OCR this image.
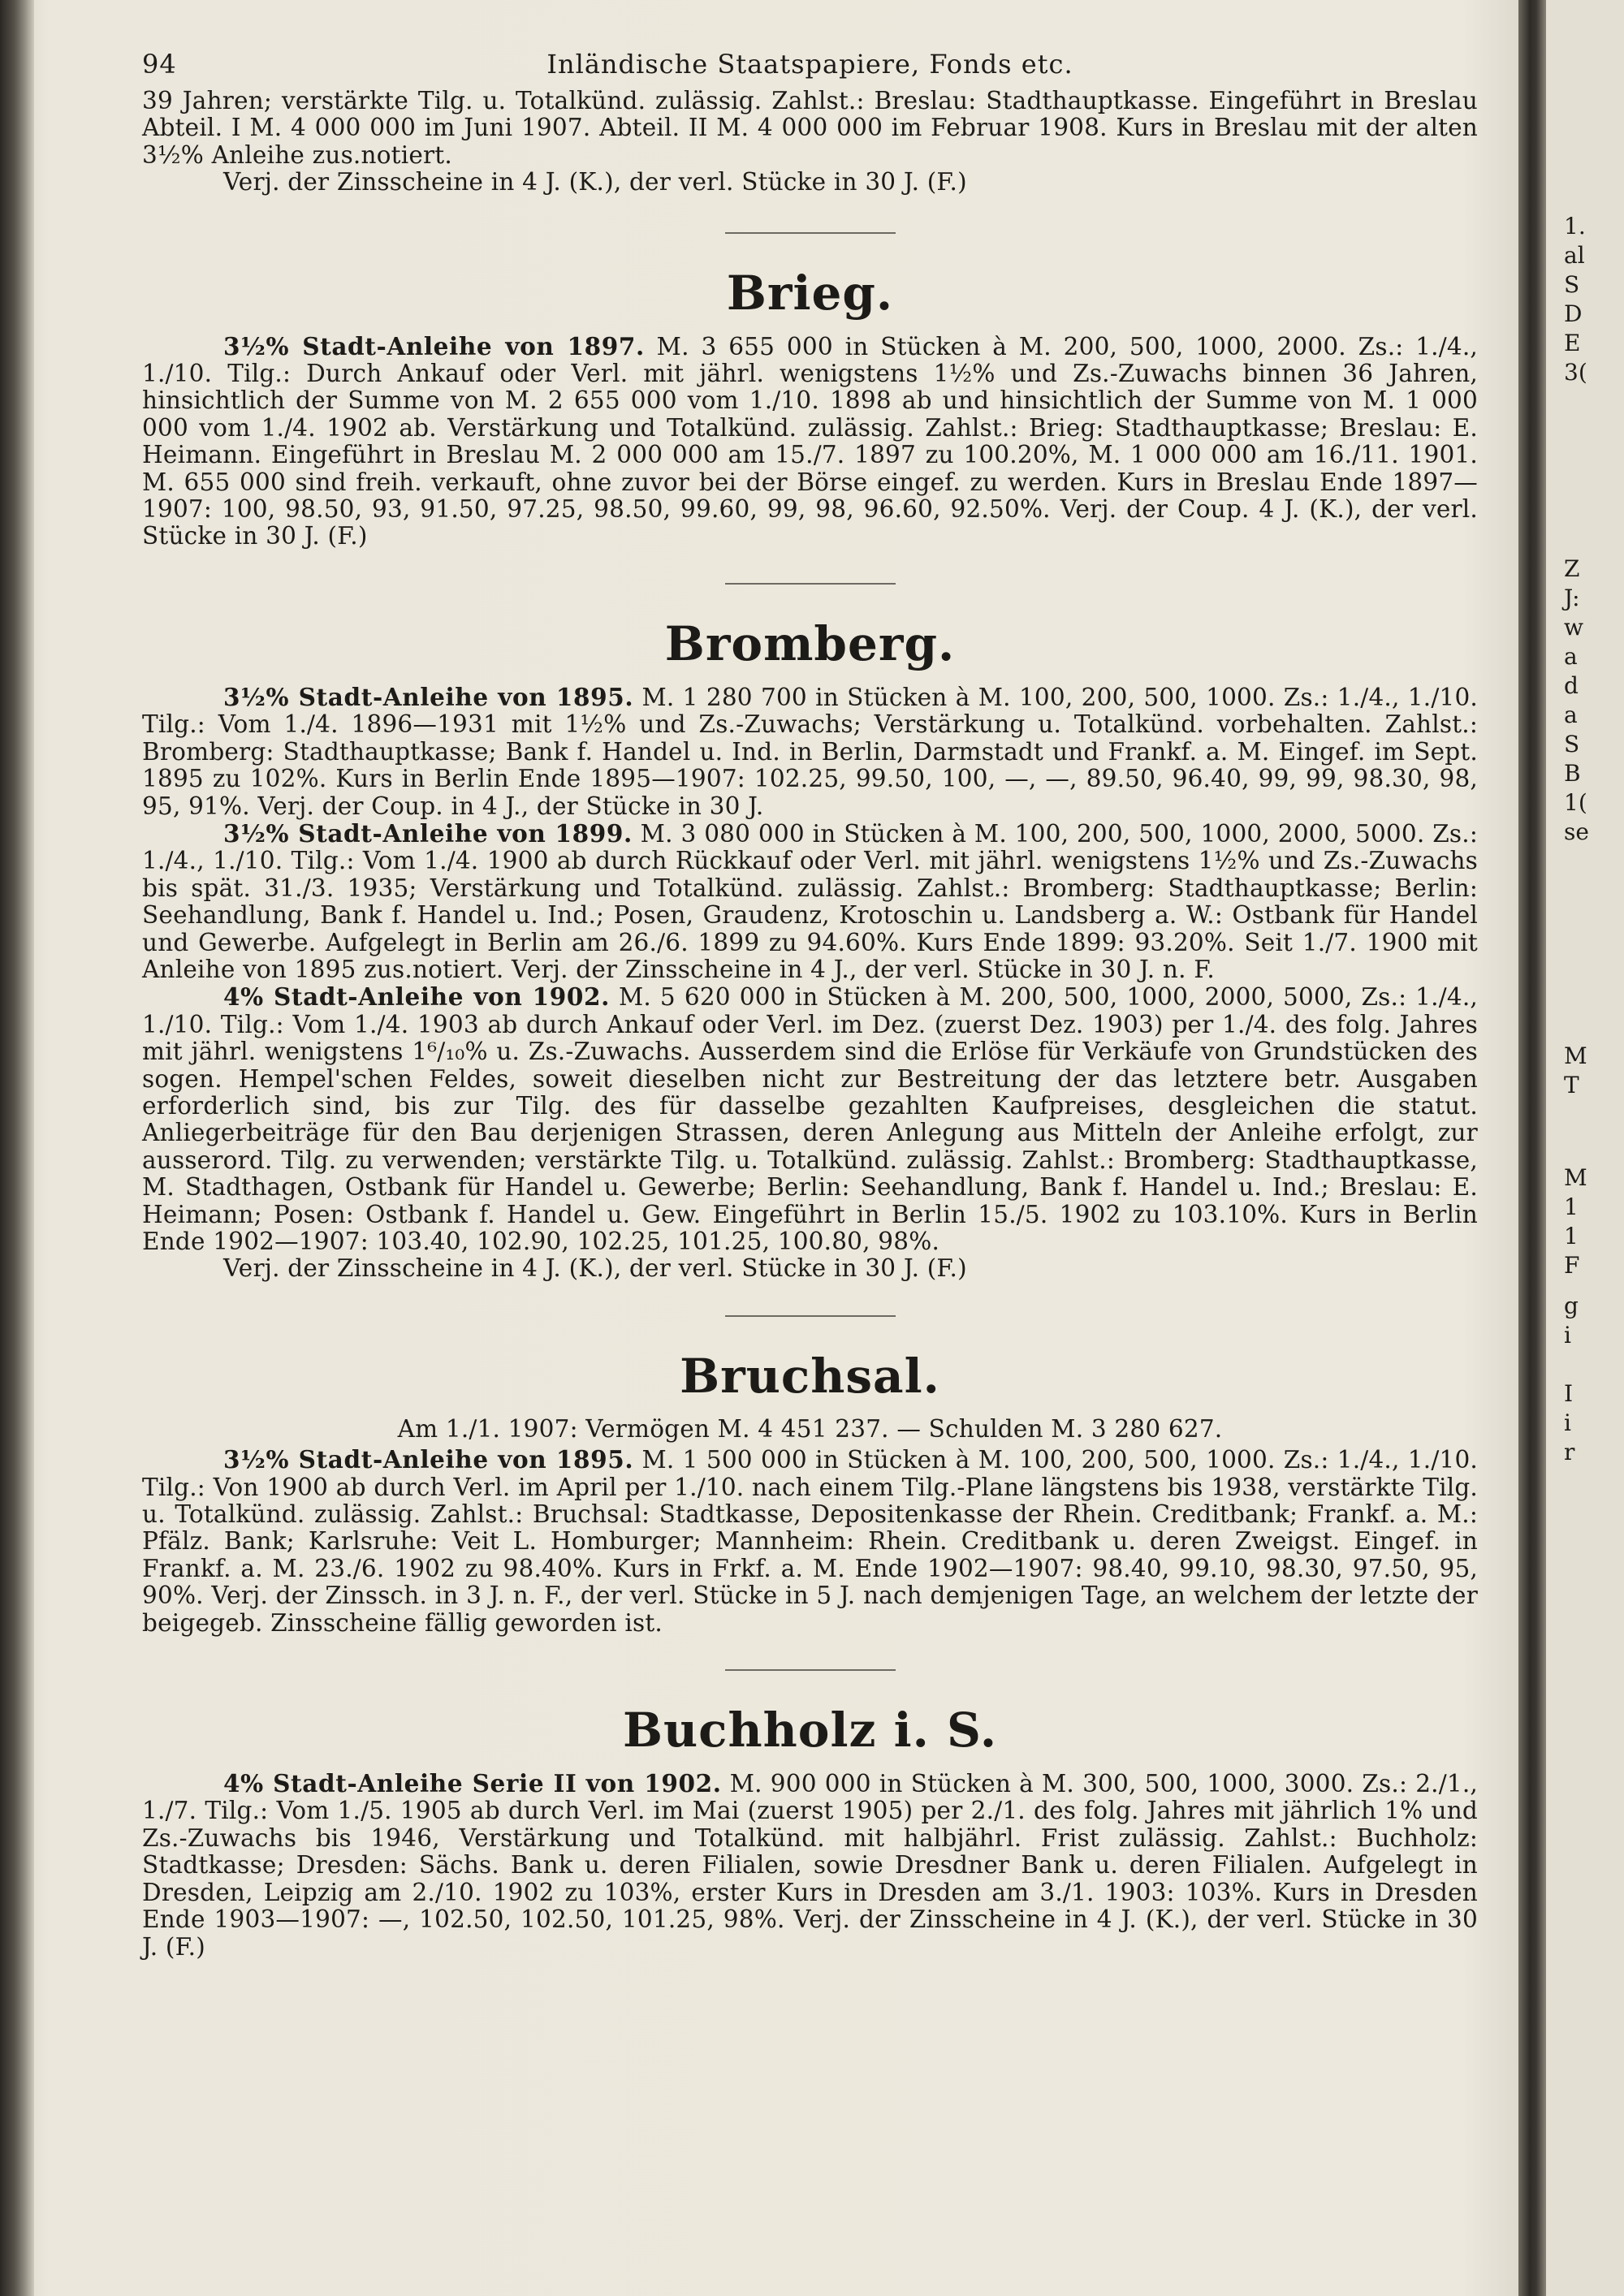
1.
al
S
D
E
3(
Z
J:
w
a
d
a
S
B
1(
se
M
T
M
1
1
F
g
i
I
i
r
94	Inländische Staatspapiere, Fonds etc.

39 Jahren; verstärkte Tilg. u. Totalkünd. zulässig. Zahlst.: Breslau: Stadthauptkasse. Eingeführt in Breslau Abteil. I M. 4 000 000 im Juni 1907. Abteil. II M. 4 000 000 im Februar 1908. Kurs in Breslau mit der alten 3½% Anleihe zus.notiert.

Verj. der Zinsscheine in 4 J. (K.), der verl. Stücke in 30 J. (F.)

Brieg.

3½% Stadt-Anleihe von 1897. M. 3 655 000 in Stücken à M. 200, 500, 1000, 2000. Zs.: 1./4., 1./10. Tilg.: Durch Ankauf oder Verl. mit jährl. wenigstens 1½% und Zs.-Zuwachs binnen 36 Jahren, hinsichtlich der Summe von M. 2 655 000 vom 1./10. 1898 ab und hinsichtlich der Summe von M. 1 000 000 vom 1./4. 1902 ab. Verstärkung und Totalkünd. zulässig. Zahlst.: Brieg: Stadthauptkasse; Breslau: E. Heimann. Eingeführt in Breslau M. 2 000 000 am 15./7. 1897 zu 100.20%, M. 1 000 000 am 16./11. 1901. M. 655 000 sind freih. verkauft, ohne zuvor bei der Börse eingef. zu werden. Kurs in Breslau Ende 1897—1907: 100, 98.50, 93, 91.50, 97.25, 98.50, 99.60, 99, 98, 96.60, 92.50%. Verj. der Coup. 4 J. (K.), der verl. Stücke in 30 J. (F.)

Bromberg.

3½% Stadt-Anleihe von 1895. M. 1 280 700 in Stücken à M. 100, 200, 500, 1000. Zs.: 1./4., 1./10. Tilg.: Vom 1./4. 1896—1931 mit 1½% und Zs.-Zuwachs; Verstärkung u. Totalkünd. vorbehalten. Zahlst.: Bromberg: Stadthauptkasse; Bank f. Handel u. Ind. in Berlin, Darmstadt und Frankf. a. M. Eingef. im Sept. 1895 zu 102%. Kurs in Berlin Ende 1895—1907: 102.25, 99.50, 100, —, —, 89.50, 96.40, 99, 99, 98.30, 98, 95, 91%. Verj. der Coup. in 4 J., der Stücke in 30 J.

3½% Stadt-Anleihe von 1899. M. 3 080 000 in Stücken à M. 100, 200, 500, 1000, 2000, 5000. Zs.: 1./4., 1./10. Tilg.: Vom 1./4. 1900 ab durch Rückkauf oder Verl. mit jährl. wenigstens 1½% und Zs.-Zuwachs bis spät. 31./3. 1935; Verstärkung und Totalkünd. zulässig. Zahlst.: Bromberg: Stadthauptkasse; Berlin: Seehandlung, Bank f. Handel u. Ind.; Posen, Graudenz, Krotoschin u. Landsberg a. W.: Ostbank für Handel und Gewerbe. Aufgelegt in Berlin am 26./6. 1899 zu 94.60%. Kurs Ende 1899: 93.20%. Seit 1./7. 1900 mit Anleihe von 1895 zus.notiert. Verj. der Zinsscheine in 4 J., der verl. Stücke in 30 J. n. F.

4% Stadt-Anleihe von 1902. M. 5 620 000 in Stücken à M. 200, 500, 1000, 2000, 5000, Zs.: 1./4., 1./10. Tilg.: Vom 1./4. 1903 ab durch Ankauf oder Verl. im Dez. (zuerst Dez. 1903) per 1./4. des folg. Jahres mit jährl. wenigstens 1⁶/₁₀% u. Zs.-Zuwachs. Ausserdem sind die Erlöse für Verkäufe von Grundstücken des sogen. Hempel'schen Feldes, soweit dieselben nicht zur Bestreitung der das letztere betr. Ausgaben erforderlich sind, bis zur Tilg. des für dasselbe gezahlten Kaufpreises, desgleichen die statut. Anliegerbeiträge für den Bau derjenigen Strassen, deren Anlegung aus Mitteln der Anleihe erfolgt, zur ausserord. Tilg. zu verwenden; verstärkte Tilg. u. Totalkünd. zulässig. Zahlst.: Bromberg: Stadthauptkasse, M. Stadthagen, Ostbank für Handel u. Gewerbe; Berlin: Seehandlung, Bank f. Handel u. Ind.; Breslau: E. Heimann; Posen: Ostbank f. Handel u. Gew. Eingeführt in Berlin 15./5. 1902 zu 103.10%. Kurs in Berlin Ende 1902—1907: 103.40, 102.90, 102.25, 101.25, 100.80, 98%.

Verj. der Zinsscheine in 4 J. (K.), der verl. Stücke in 30 J. (F.)

Bruchsal.

Am 1./1. 1907: Vermögen M. 4 451 237. — Schulden M. 3 280 627.

3½% Stadt-Anleihe von 1895. M. 1 500 000 in Stücken à M. 100, 200, 500, 1000. Zs.: 1./4., 1./10. Tilg.: Von 1900 ab durch Verl. im April per 1./10. nach einem Tilg.-Plane längstens bis 1938, verstärkte Tilg. u. Totalkünd. zulässig. Zahlst.: Bruchsal: Stadtkasse, Depositenkasse der Rhein. Creditbank; Frankf. a. M.: Pfälz. Bank; Karlsruhe: Veit L. Homburger; Mannheim: Rhein. Creditbank u. deren Zweigst. Eingef. in Frankf. a. M. 23./6. 1902 zu 98.40%. Kurs in Frkf. a. M. Ende 1902—1907: 98.40, 99.10, 98.30, 97.50, 95, 90%. Verj. der Zinssch. in 3 J. n. F., der verl. Stücke in 5 J. nach demjenigen Tage, an welchem der letzte der beigegeb. Zinsscheine fällig geworden ist.

Buchholz i. S.

4% Stadt-Anleihe Serie II von 1902. M. 900 000 in Stücken à M. 300, 500, 1000, 3000. Zs.: 2./1., 1./7. Tilg.: Vom 1./5. 1905 ab durch Verl. im Mai (zuerst 1905) per 2./1. des folg. Jahres mit jährlich 1% und Zs.-Zuwachs bis 1946, Verstärkung und Totalkünd. mit halbjährl. Frist zulässig. Zahlst.: Buchholz: Stadtkasse; Dresden: Sächs. Bank u. deren Filialen, sowie Dresdner Bank u. deren Filialen. Aufgelegt in Dresden, Leipzig am 2./10. 1902 zu 103%, erster Kurs in Dresden am 3./1. 1903: 103%. Kurs in Dresden Ende 1903—1907: —, 102.50, 102.50, 101.25, 98%. Verj. der Zinsscheine in 4 J. (K.), der verl. Stücke in 30 J. (F.)
